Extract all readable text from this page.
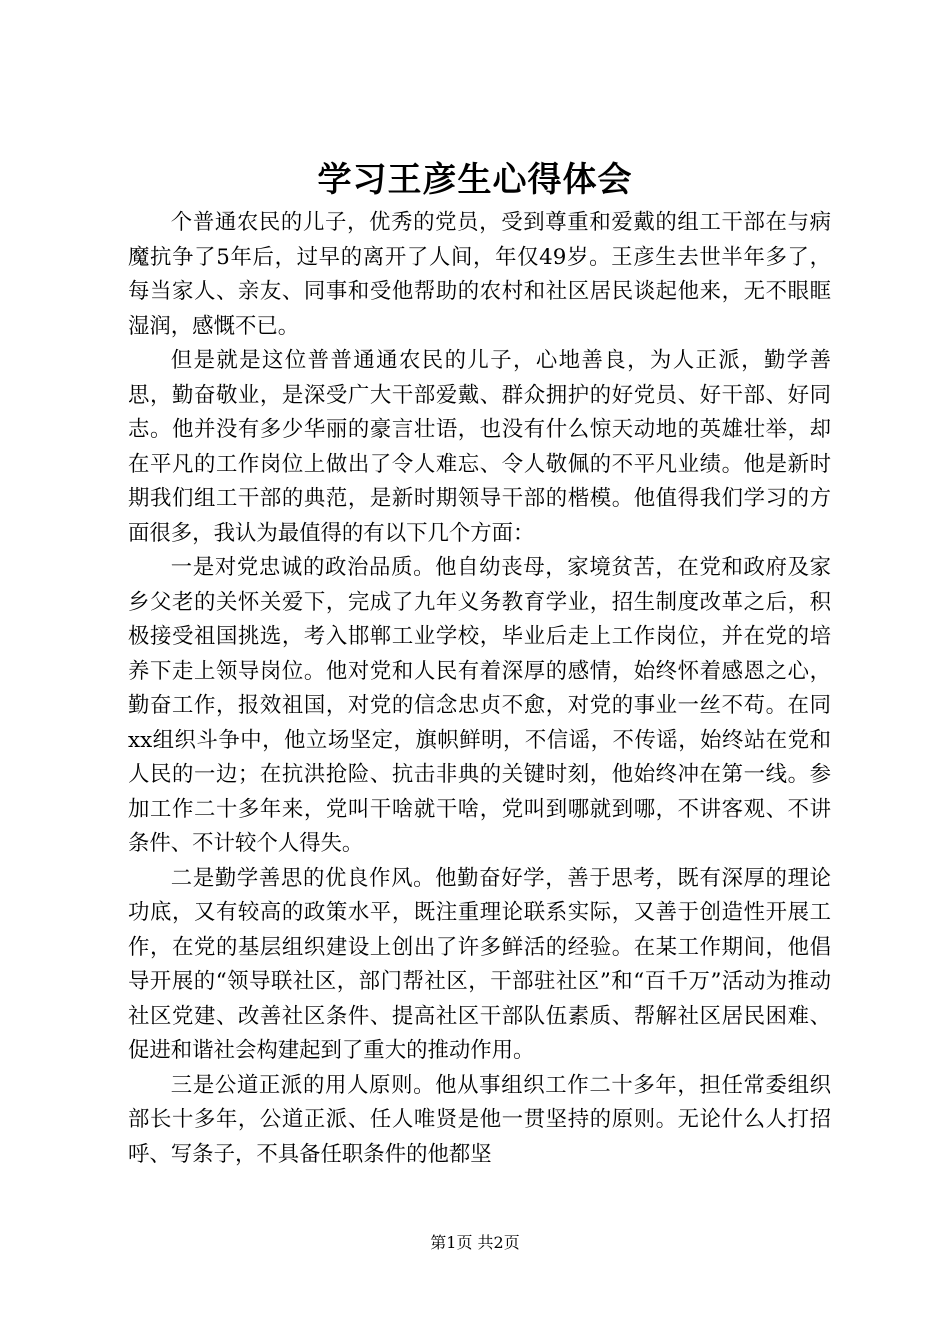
学习王彦生心得体会

个普通农民的儿子，优秀的党员，受到尊重和爱戴的组工干部在与病魔抗争了5年后，过早的离开了人间，年仅49岁。王彦生去世半年多了，每当家人、亲友、同事和受他帮助的农村和社区居民谈起他来，无不眼眶湿润，感慨不已。

但是就是这位普普通通农民的儿子，心地善良，为人正派，勤学善思，勤奋敬业，是深受广大干部爱戴、群众拥护的好党员、好干部、好同志。他并没有多少华丽的豪言壮语，也没有什么惊天动地的英雄壮举，却在平凡的工作岗位上做出了令人难忘、令人敬佩的不平凡业绩。他是新时期我们组工干部的典范，是新时期领导干部的楷模。他值得我们学习的方面很多，我认为最值得的有以下几个方面：

一是对党忠诚的政治品质。他自幼丧母，家境贫苦，在党和政府及家乡父老的关怀关爱下，完成了九年义务教育学业，招生制度改革之后，积极接受祖国挑选，考入邯郸工业学校，毕业后走上工作岗位，并在党的培养下走上领导岗位。他对党和人民有着深厚的感情，始终怀着感恩之心，勤奋工作，报效祖国，对党的信念忠贞不愈，对党的事业一丝不苟。在同xx组织斗争中，他立场坚定，旗帜鲜明，不信谣，不传谣，始终站在党和人民的一边；在抗洪抢险、抗击非典的关键时刻，他始终冲在第一线。参加工作二十多年来，党叫干啥就干啥，党叫到哪就到哪，不讲客观、不讲条件、不计较个人得失。

二是勤学善思的优良作风。他勤奋好学，善于思考，既有深厚的理论功底，又有较高的政策水平，既注重理论联系实际，又善于创造性开展工作，在党的基层组织建设上创出了许多鲜活的经验。在某工作期间，他倡导开展的“领导联社区，部门帮社区，干部驻社区”和“百千万”活动为推动社区党建、改善社区条件、提高社区干部队伍素质、帮解社区居民困难、促进和谐社会构建起到了重大的推动作用。

三是公道正派的用人原则。他从事组织工作二十多年，担任常委组织部长十多年，公道正派、任人唯贤是他一贯坚持的原则。无论什么人打招呼、写条子，不具备任职条件的他都坚

第1页 共2页
